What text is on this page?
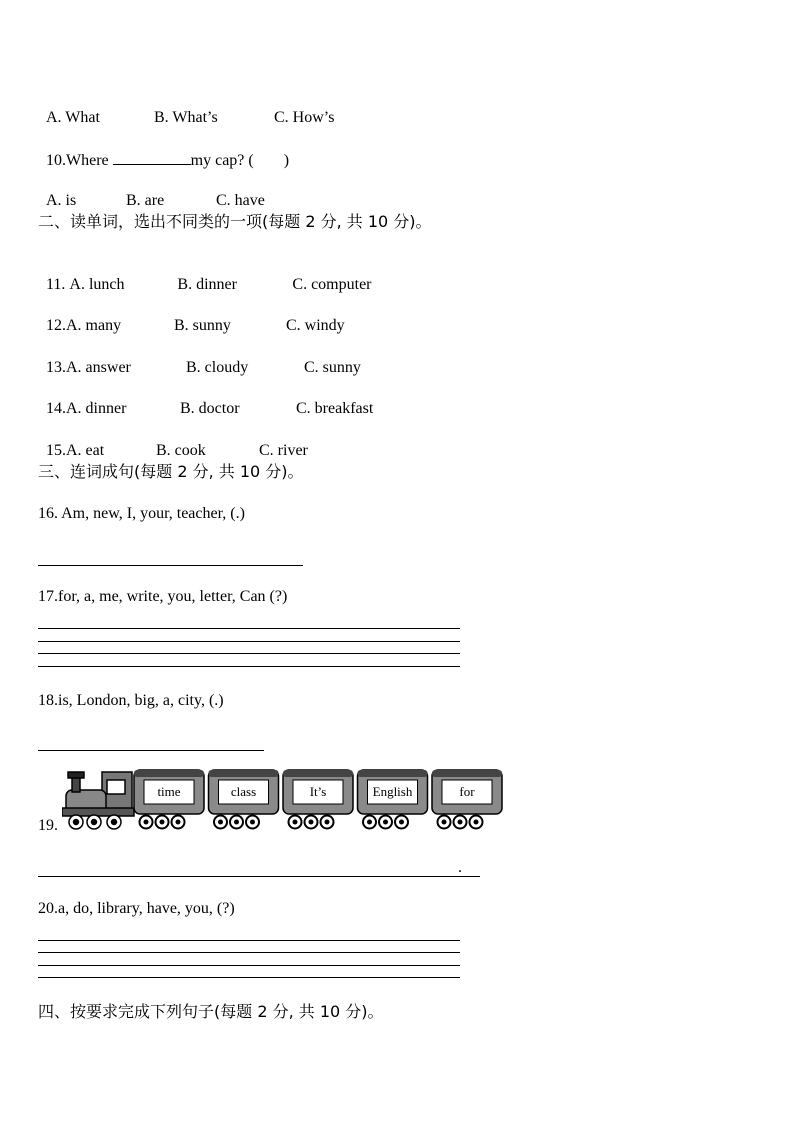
A. What	B. What’s	C. How’s

10.Where	my cap? ( )

A. is	B. are	C. have

二、读单词，选出不同类的一项(每题 2 分, 共 10 分)。

11. A. lunch	B. dinner	C. computer

12.A. many	B. sunny	C. windy

13.A. answer	B. cloudy	C. sunny

14.A. dinner	B. doctor	C. breakfast

15.A. eat	B. cook	C. river

三、连词成句(每题 2 分, 共 10 分)。
16. Am, new, I, your, teacher, (.)
17.for, a, me, write, you, letter, Can (?)
18.is, London, big, a, city, (.)
19.
time	class	It’s	English	for
.
20.a, do, library, have, you, (?)
四、按要求完成下列句子(每题 2 分, 共 10 分)。
